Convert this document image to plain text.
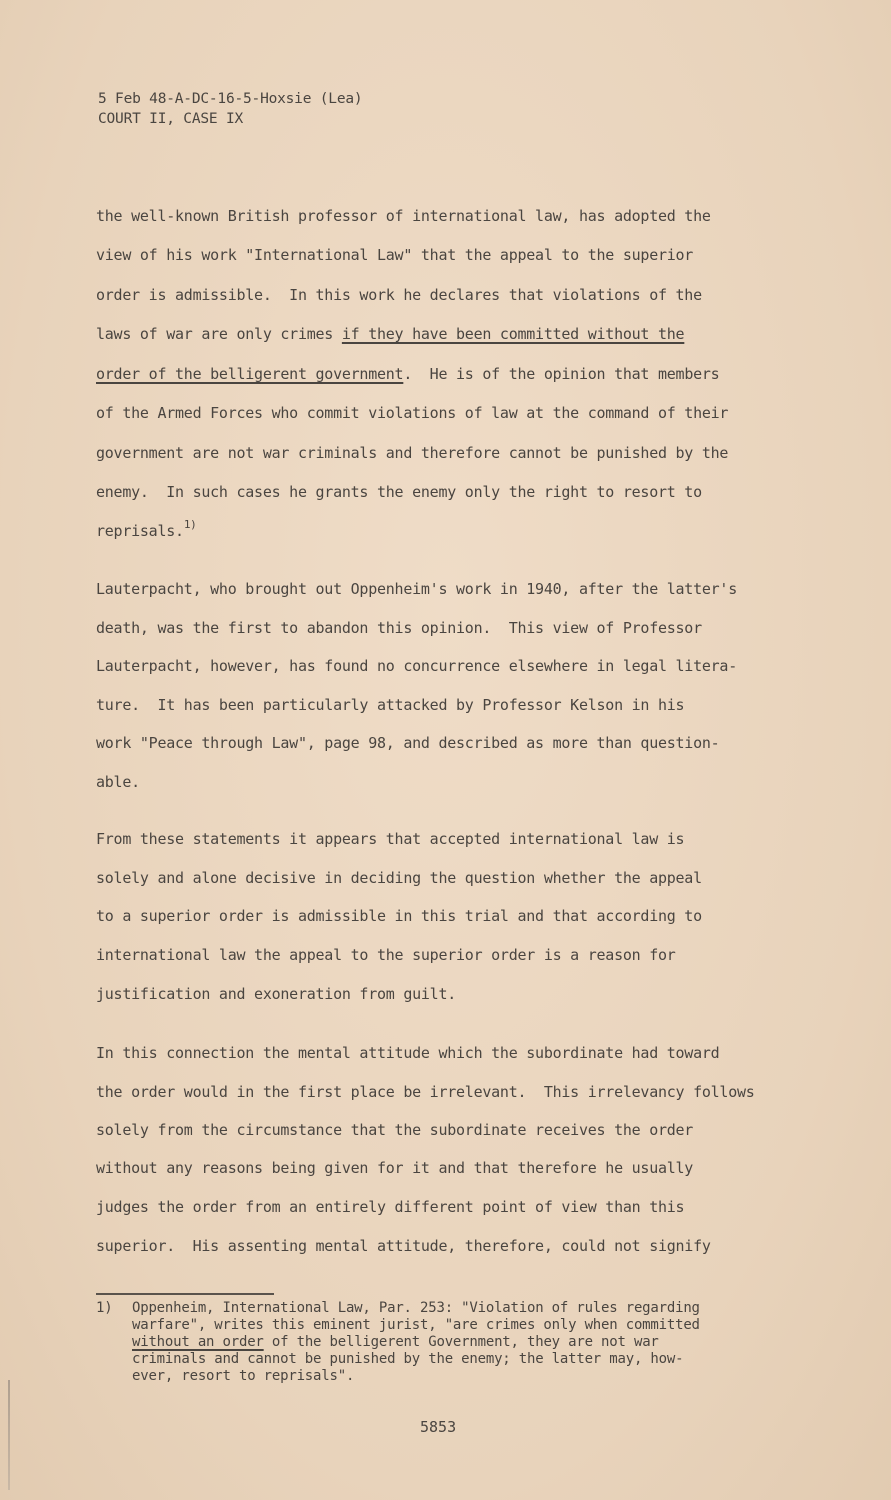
5 Feb 48-A-DC-16-5-Hoxsie (Lea)
COURT II, CASE IX
the well-known British professor of international law, has adopted the
view of his work "International Law" that the appeal to the superior
order is admissible.  In this work he declares that violations of the
laws of war are only crimes if they have been committed without the
order of the belligerent government.  He is of the opinion that members
of the Armed Forces who commit violations of law at the command of their
government are not war criminals and therefore cannot be punished by the
enemy.  In such cases he grants the enemy only the right to resort to
reprisals.$^{1)}$
Lauterpacht, who brought out Oppenheim's work in 1940, after the latter's
death, was the first to abandon this opinion.  This view of Professor
Lauterpacht, however, has found no concurrence elsewhere in legal litera-
ture.  It has been particularly attacked by Professor Kelson in his
work "Peace through Law", page 98, and described as more than question-
able.
From these statements it appears that accepted international law is
solely and alone decisive in deciding the question whether the appeal
to a superior order is admissible in this trial and that according to
international law the appeal to the superior order is a reason for
justification and exoneration from guilt.
In this connection the mental attitude which the subordinate had toward
the order would in the first place be irrelevant.  This irrelevancy follows
solely from the circumstance that the subordinate receives the order
without any reasons being given for it and that therefore he usually
judges the order from an entirely different point of view than this
superior.  His assenting mental attitude, therefore, could not signify

1)

Oppenheim, International Law, Par. 253: "Violation of rules regarding
warfare", writes this eminent jurist, "are crimes only when committed
without an order of the belligerent Government, they are not war
criminals and cannot be punished by the enemy; the latter may, how-
ever, resort to reprisals".

5853
